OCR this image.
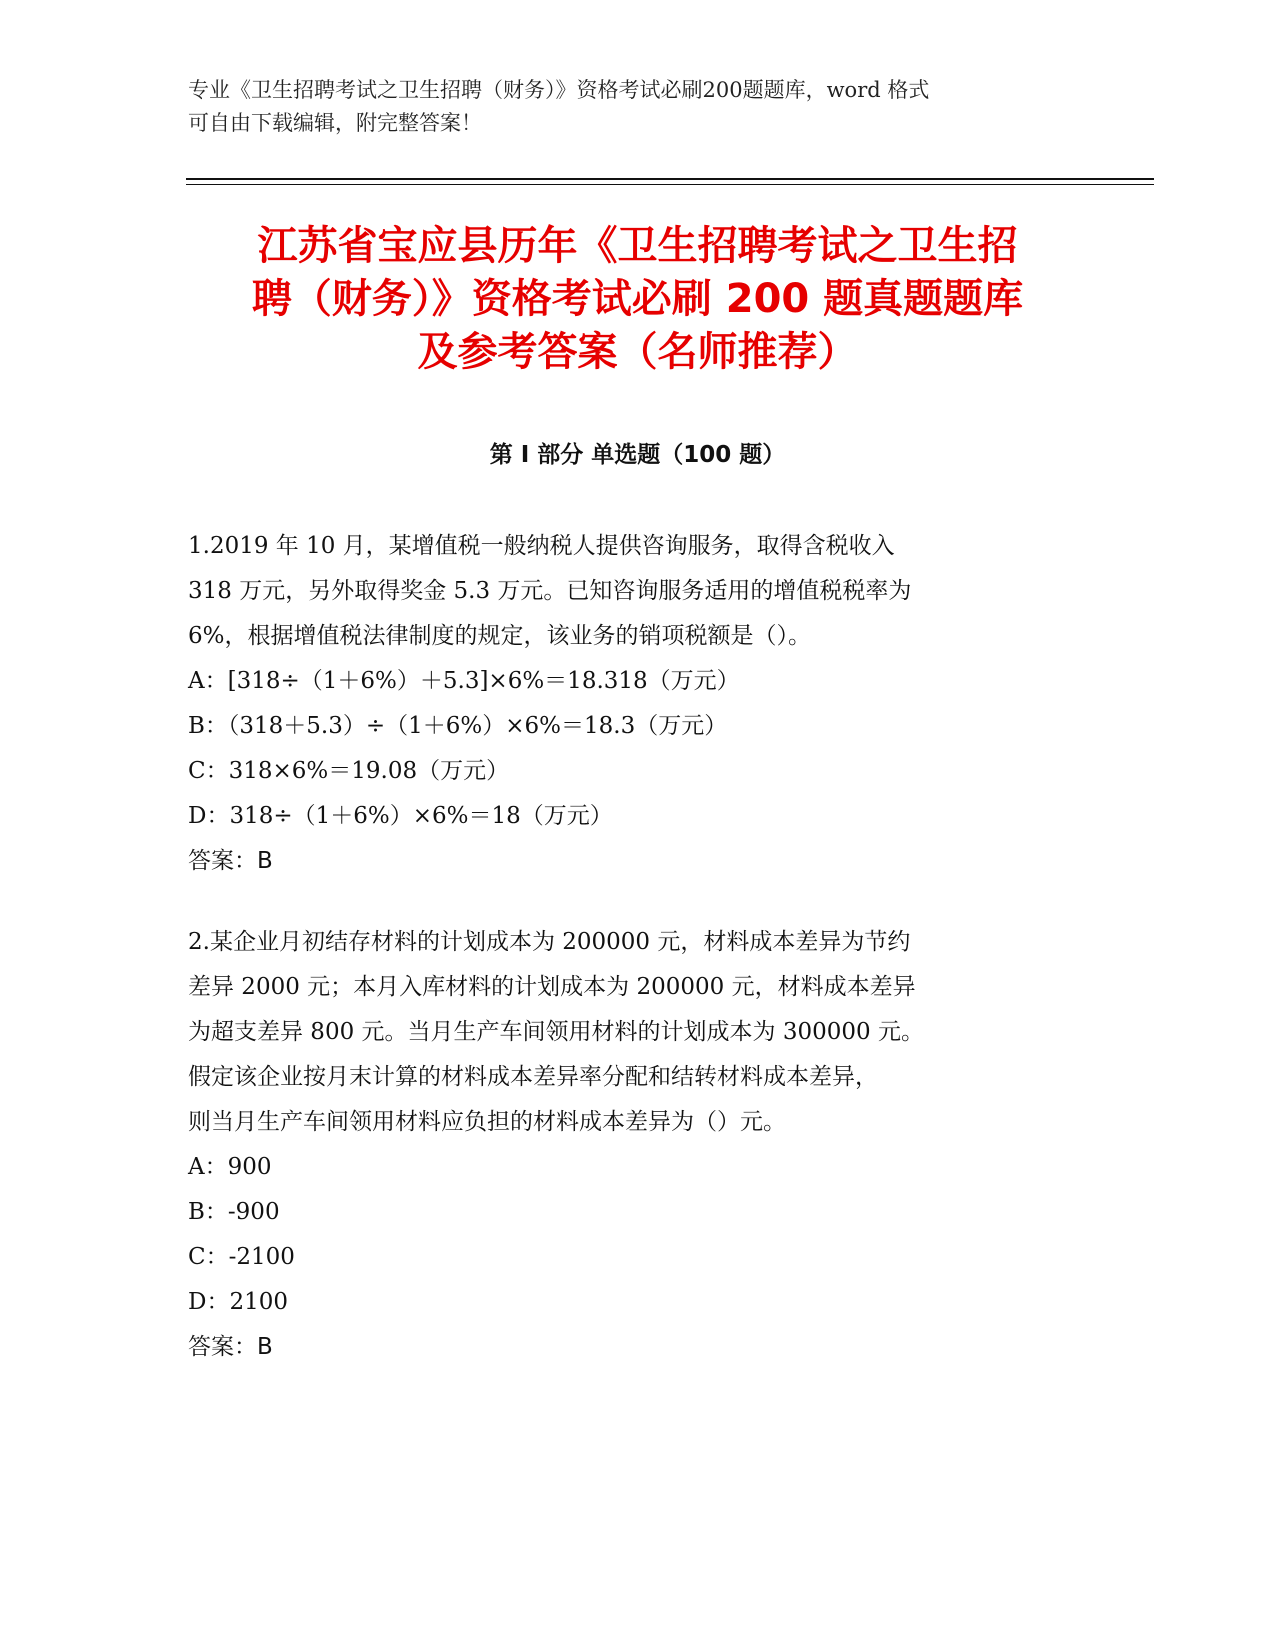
专业《卫生招聘考试之卫生招聘（财务）》资格考试必刷200题题库，word 格式
可自由下载编辑，附完整答案！
江苏省宝应县历年《卫生招聘考试之卫生招
聘（财务）》资格考试必刷 200 题真题题库
及参考答案（名师推荐）
第 I 部分 单选题（100 题）
1.2019 年 10 月，某增值税一般纳税人提供咨询服务，取得含税收入
318 万元，另外取得奖金 5.3 万元。已知咨询服务适用的增值税税率为
6%，根据增值税法律制度的规定，该业务的销项税额是（）。
A：[318÷（1＋6%）＋5.3]×6%＝18.318（万元）
B：（318＋5.3）÷（1＋6%）×6%＝18.3（万元）
C：318×6%＝19.08（万元）
D：318÷（1＋6%）×6%＝18（万元）
答案：B
2.某企业月初结存材料的计划成本为 200000 元，材料成本差异为节约
差异 2000 元；本月入库材料的计划成本为 200000 元，材料成本差异
为超支差异 800 元。当月生产车间领用材料的计划成本为 300000 元。
假定该企业按月末计算的材料成本差异率分配和结转材料成本差异，
则当月生产车间领用材料应负担的材料成本差异为（）元。
A：900
B：-900
C：-2100
D：2100
答案：B
